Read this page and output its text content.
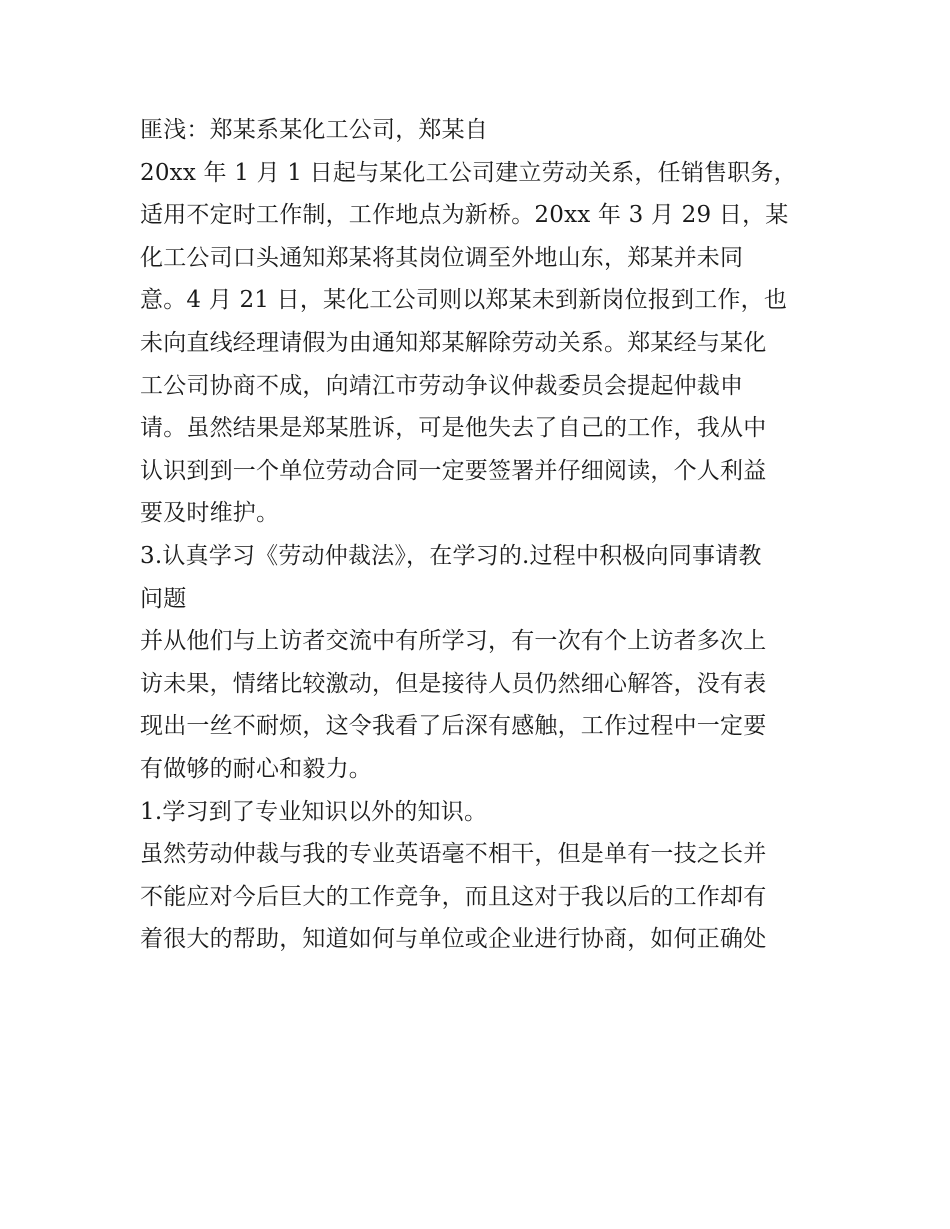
匪浅：郑某系某化工公司，郑某自
20xx 年 1 月 1 日起与某化工公司建立劳动关系，任销售职务，
适用不定时工作制，工作地点为新桥。20xx 年 3 月 29 日，某
化工公司口头通知郑某将其岗位调至外地山东，郑某并未同
意。4 月 21 日，某化工公司则以郑某未到新岗位报到工作，也
未向直线经理请假为由通知郑某解除劳动关系。郑某经与某化
工公司协商不成，向靖江市劳动争议仲裁委员会提起仲裁申
请。虽然结果是郑某胜诉，可是他失去了自己的工作，我从中
认识到到一个单位劳动合同一定要签署并仔细阅读，个人利益
要及时维护。
3.认真学习《劳动仲裁法》，在学习的.过程中积极向同事请教
问题
并从他们与上访者交流中有所学习，有一次有个上访者多次上
访未果，情绪比较激动，但是接待人员仍然细心解答，没有表
现出一丝不耐烦，这令我看了后深有感触，工作过程中一定要
有做够的耐心和毅力。
1.学习到了专业知识以外的知识。
虽然劳动仲裁与我的专业英语毫不相干，但是单有一技之长并
不能应对今后巨大的工作竞争，而且这对于我以后的工作却有
着很大的帮助，知道如何与单位或企业进行协商，如何正确处
